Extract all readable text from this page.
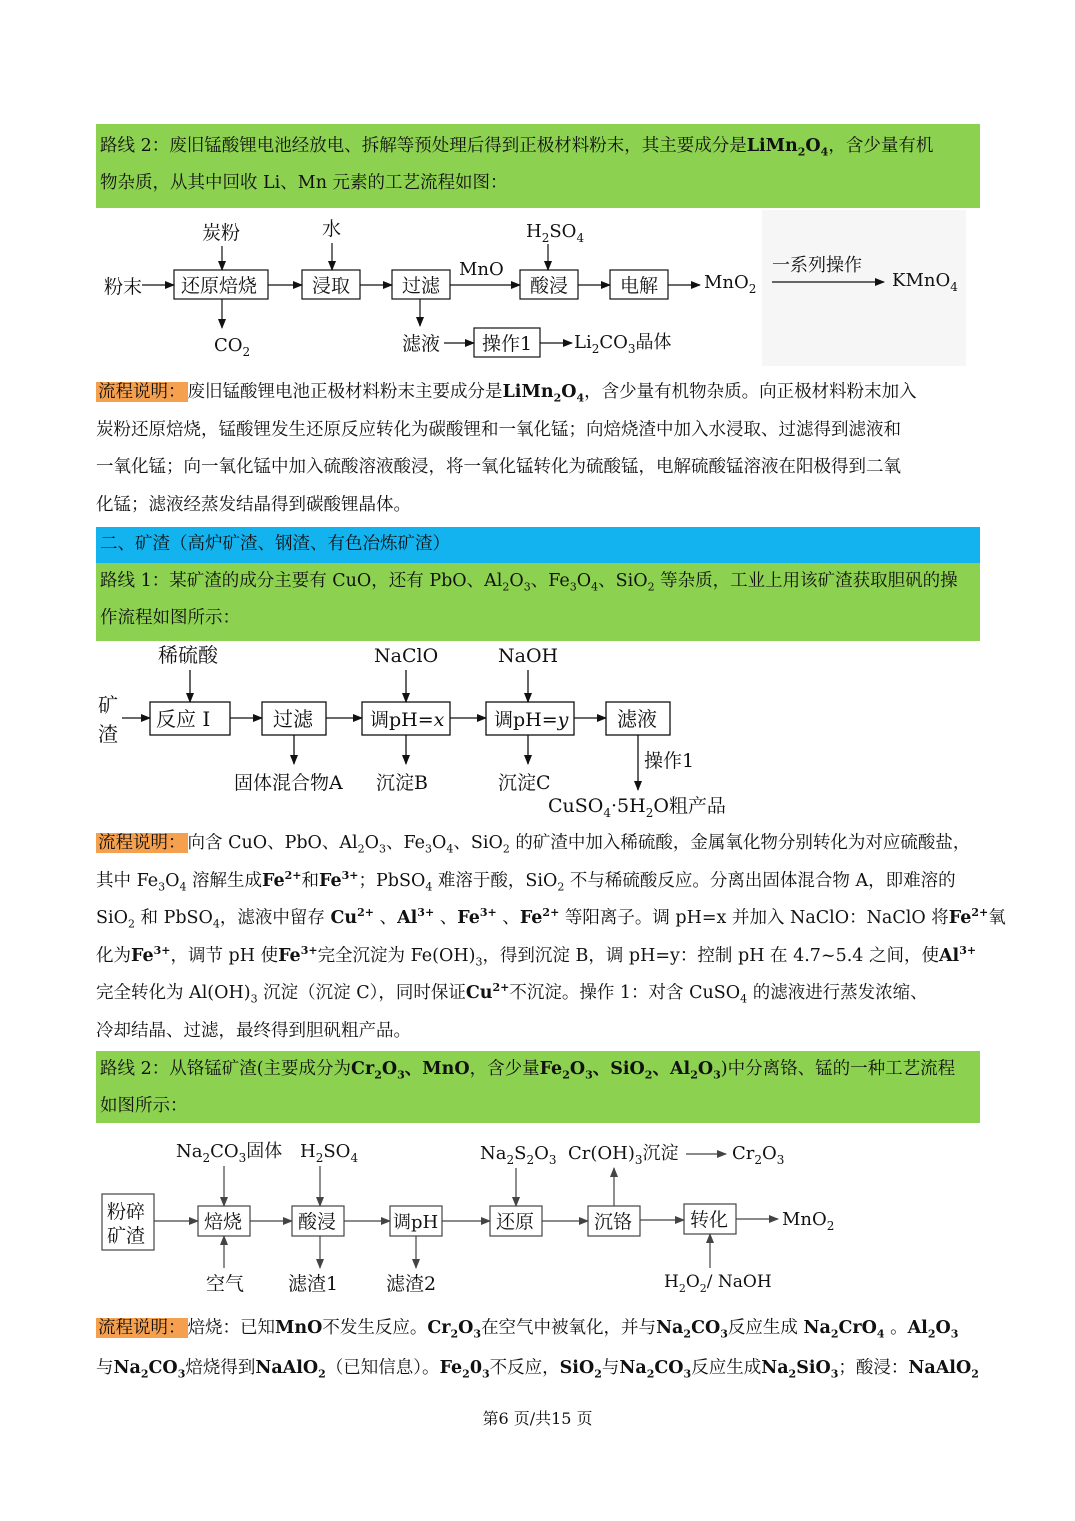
路线 2：废旧锰酸锂电池经放电、拆解等预处理后得到正极材料粉末，其主要成分是$LiMn_2O_4$，含少量有机
物杂质，从其中回收 Li、Mn 元素的工艺流程如图：
粉末
炭粉	水	$H_2SO_4$
MnO
$CO_2$
MnO$_2$
一系列操作
KMnO$_4$
滤液	$Li_2CO_3$晶体
还原焙烧	浸取	过滤	酸浸	电解
操作1
流程说明： 废旧锰酸锂电池正极材料粉末主要成分是$LiMn_2O_4$，含少量有机物杂质。向正极材料粉末加入
炭粉还原焙烧，锰酸锂发生还原反应转化为碳酸锂和一氧化锰；向焙烧渣中加入水浸取、过滤得到滤液和
一氧化锰；向一氧化锰中加入硫酸溶液酸浸，将一氧化锰转化为硫酸锰，电解硫酸锰溶液在阳极得到二氧
化锰；滤液经蒸发结晶得到碳酸锂晶体。
二、矿渣（高炉矿渣、钢渣、有色冶炼矿渣）
路线 1：某矿渣的成分主要有 CuO，还有 PbO、$Al_2O_3$、$Fe_3O_4$、SiO$_2$ 等杂质，工业上用该矿渣获取胆矾的操
作流程如图所示：
矿
渣
稀硫酸	NaClO	NaOH
反应 I	过滤	调pH=x	调pH=y 滤液
固体混合物A 沉淀B	沉淀C
操作1
$CuSO_4\cdot 5H_2O$粗产品
流程说明： 向含 CuO、PbO、$Al_2O_3$、$Fe_3O_4$、SiO$_2$ 的矿渣中加入稀硫酸，金属氧化物分别转化为对应硫酸盐，
其中 $Fe_3O_4$ 溶解生成$Fe^{2+}$和$Fe^{3+}$；PbSO$_4$ 难溶于酸，SiO$_2$ 不与稀硫酸反应。分离出固体混合物 A，即难溶的
SiO$_2$ 和 PbSO$_4$，滤液中留存 $Cu^{2+}$ 、$Al^{3+}$ 、$Fe^{3+}$ 、$Fe^{2+}$ 等阳离子。调 pH=x 并加入 NaClO：NaClO 将$Fe^{2+}$氧
化为$Fe^{3+}$，调节 pH 使$Fe^{3+}$完全沉淀为 $Fe(OH)_3$，得到沉淀 B，调 pH=y：控制 pH 在 4.7~5.4 之间，使$Al^{3+}$
完全转化为 $Al(OH)_3$ 沉淀（沉淀 C），同时保证$Cu^{2+}$不沉淀。操作 1：对含 CuSO$_4$ 的滤液进行蒸发浓缩、
冷却结晶、过滤，最终得到胆矾粗产品。
路线 2：从铬锰矿渣(主要成分为$Cr_2O_3$、MnO，含少量$Fe_2O_3$、SiO$_2$、$Al_2O_3$)中分离铬、锰的一种工艺流程
如图所示：
$Na_2CO_3$固体 $H_2SO_4$	$Na_2S_2O_3$ $Cr(OH)_3$沉淀	$Cr_2O_3$
MnO$_2$
$H_2O_2/$ NaOH
空气 滤渣1	滤渣2
粉碎
矿渣
焙烧	酸浸	调pH	还原	沉铬	转化
流程说明： 焙烧：已知MnO不发生反应。$Cr_2O_3$在空气中被氧化，并与$Na_2CO_3$反应生成 $Na_2CrO_4$ 。$Al_2O_3$
与$Na_2CO_3$焙烧得到NaAlO$_2$（已知信息）。$Fe_20_3$不反应，SiO$_2$与$Na_2CO_3$反应生成$Na_2SiO_3$；酸浸：NaAlO$_2$
第6 页/共15 页
